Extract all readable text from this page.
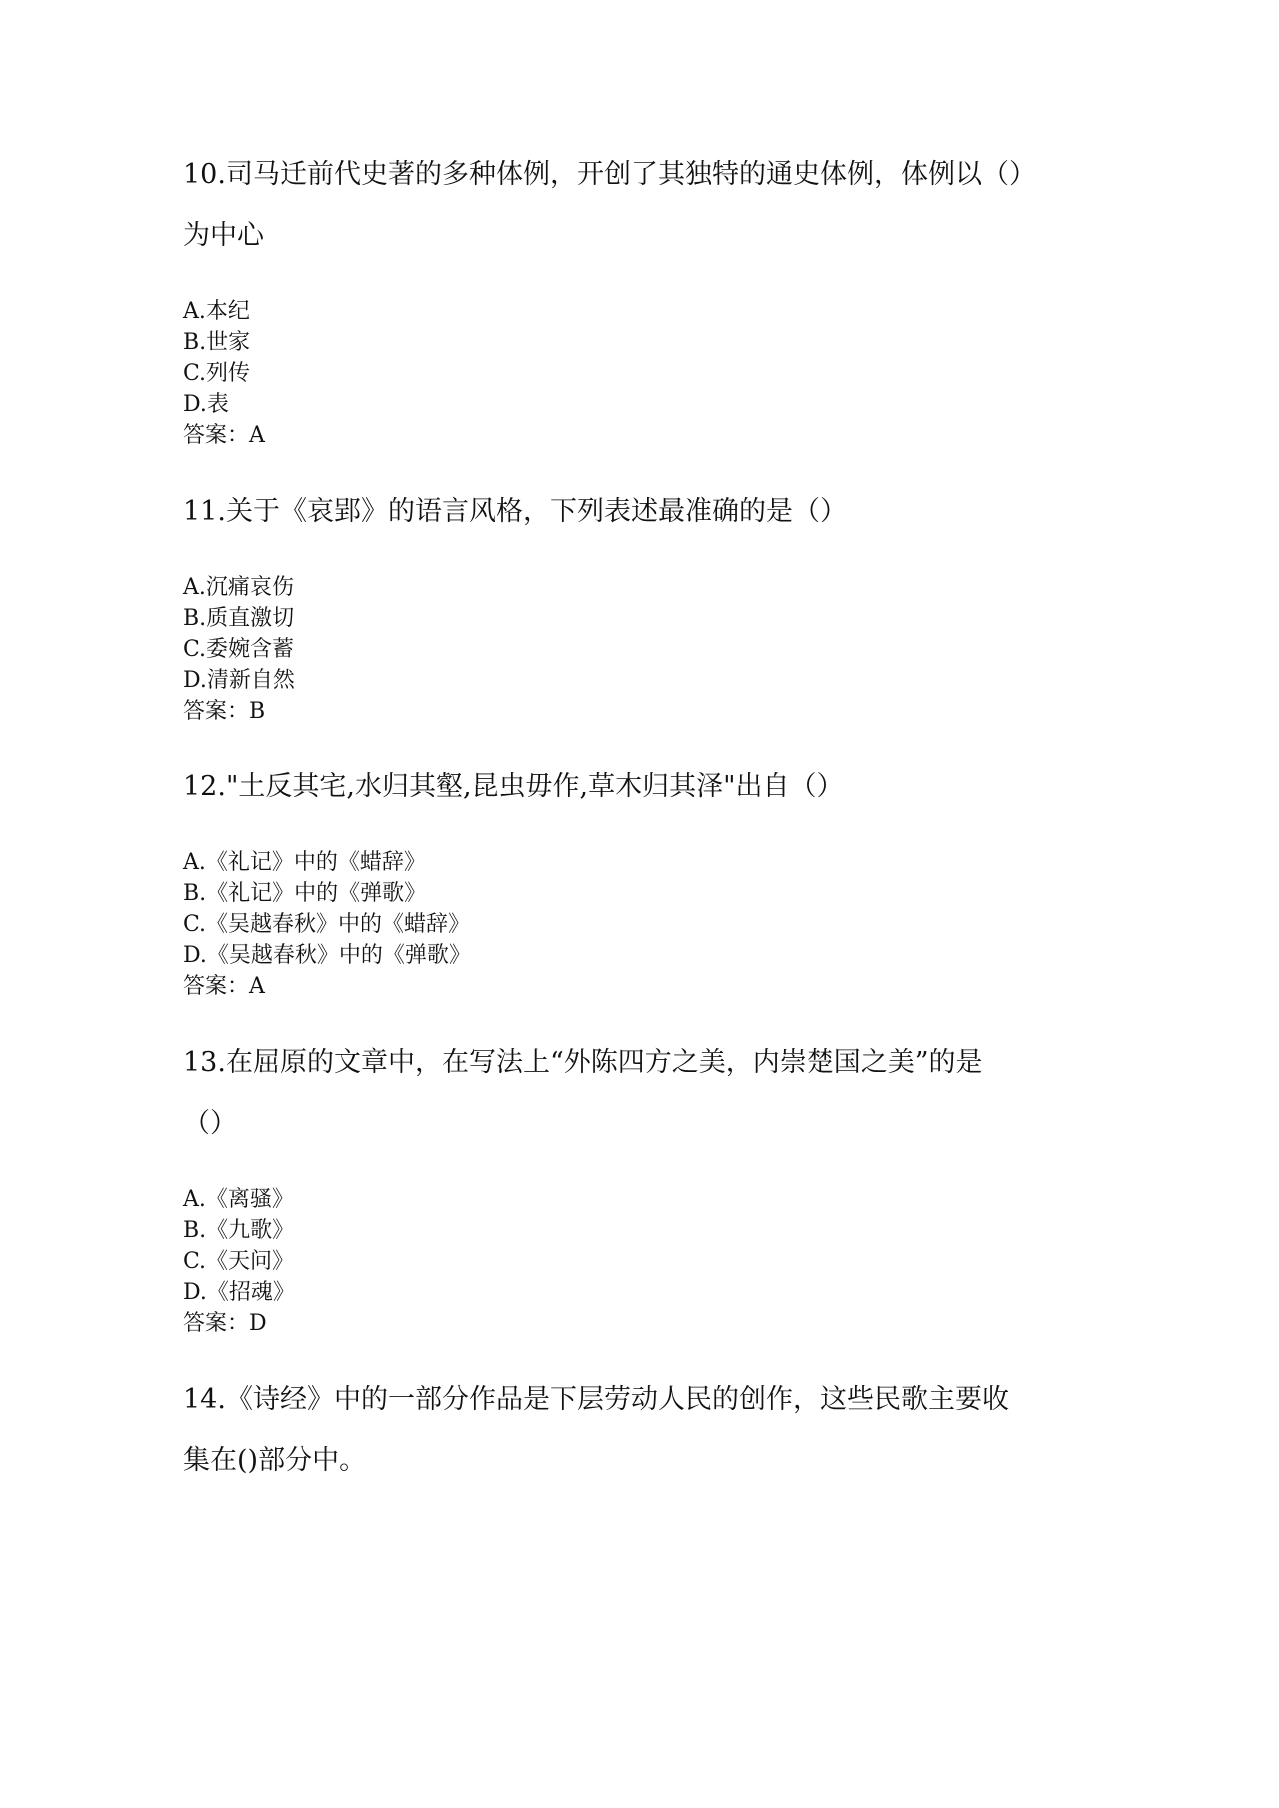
10.司马迁前代史著的多种体例，开创了其独特的通史体例，体例以（）

为中心

A.本纪

B.世家

C.列传

D.表

答案：A

11.关于《哀郢》的语言风格，下列表述最准确的是（）

A.沉痛哀伤

B.质直激切

C.委婉含蓄

D.清新自然

答案：B

12."土反其宅,水归其壑,昆虫毋作,草木归其泽"出自（）

A.《礼记》中的《蜡辞》

B.《礼记》中的《弹歌》

C.《吴越春秋》中的《蜡辞》

D.《吴越春秋》中的《弹歌》

答案：A

13.在屈原的文章中，在写法上“外陈四方之美，内崇楚国之美”的是

（）

A.《离骚》

B.《九歌》

C.《天问》

D.《招魂》

答案：D

14.《诗经》中的一部分作品是下层劳动人民的创作，这些民歌主要收

集在()部分中。
